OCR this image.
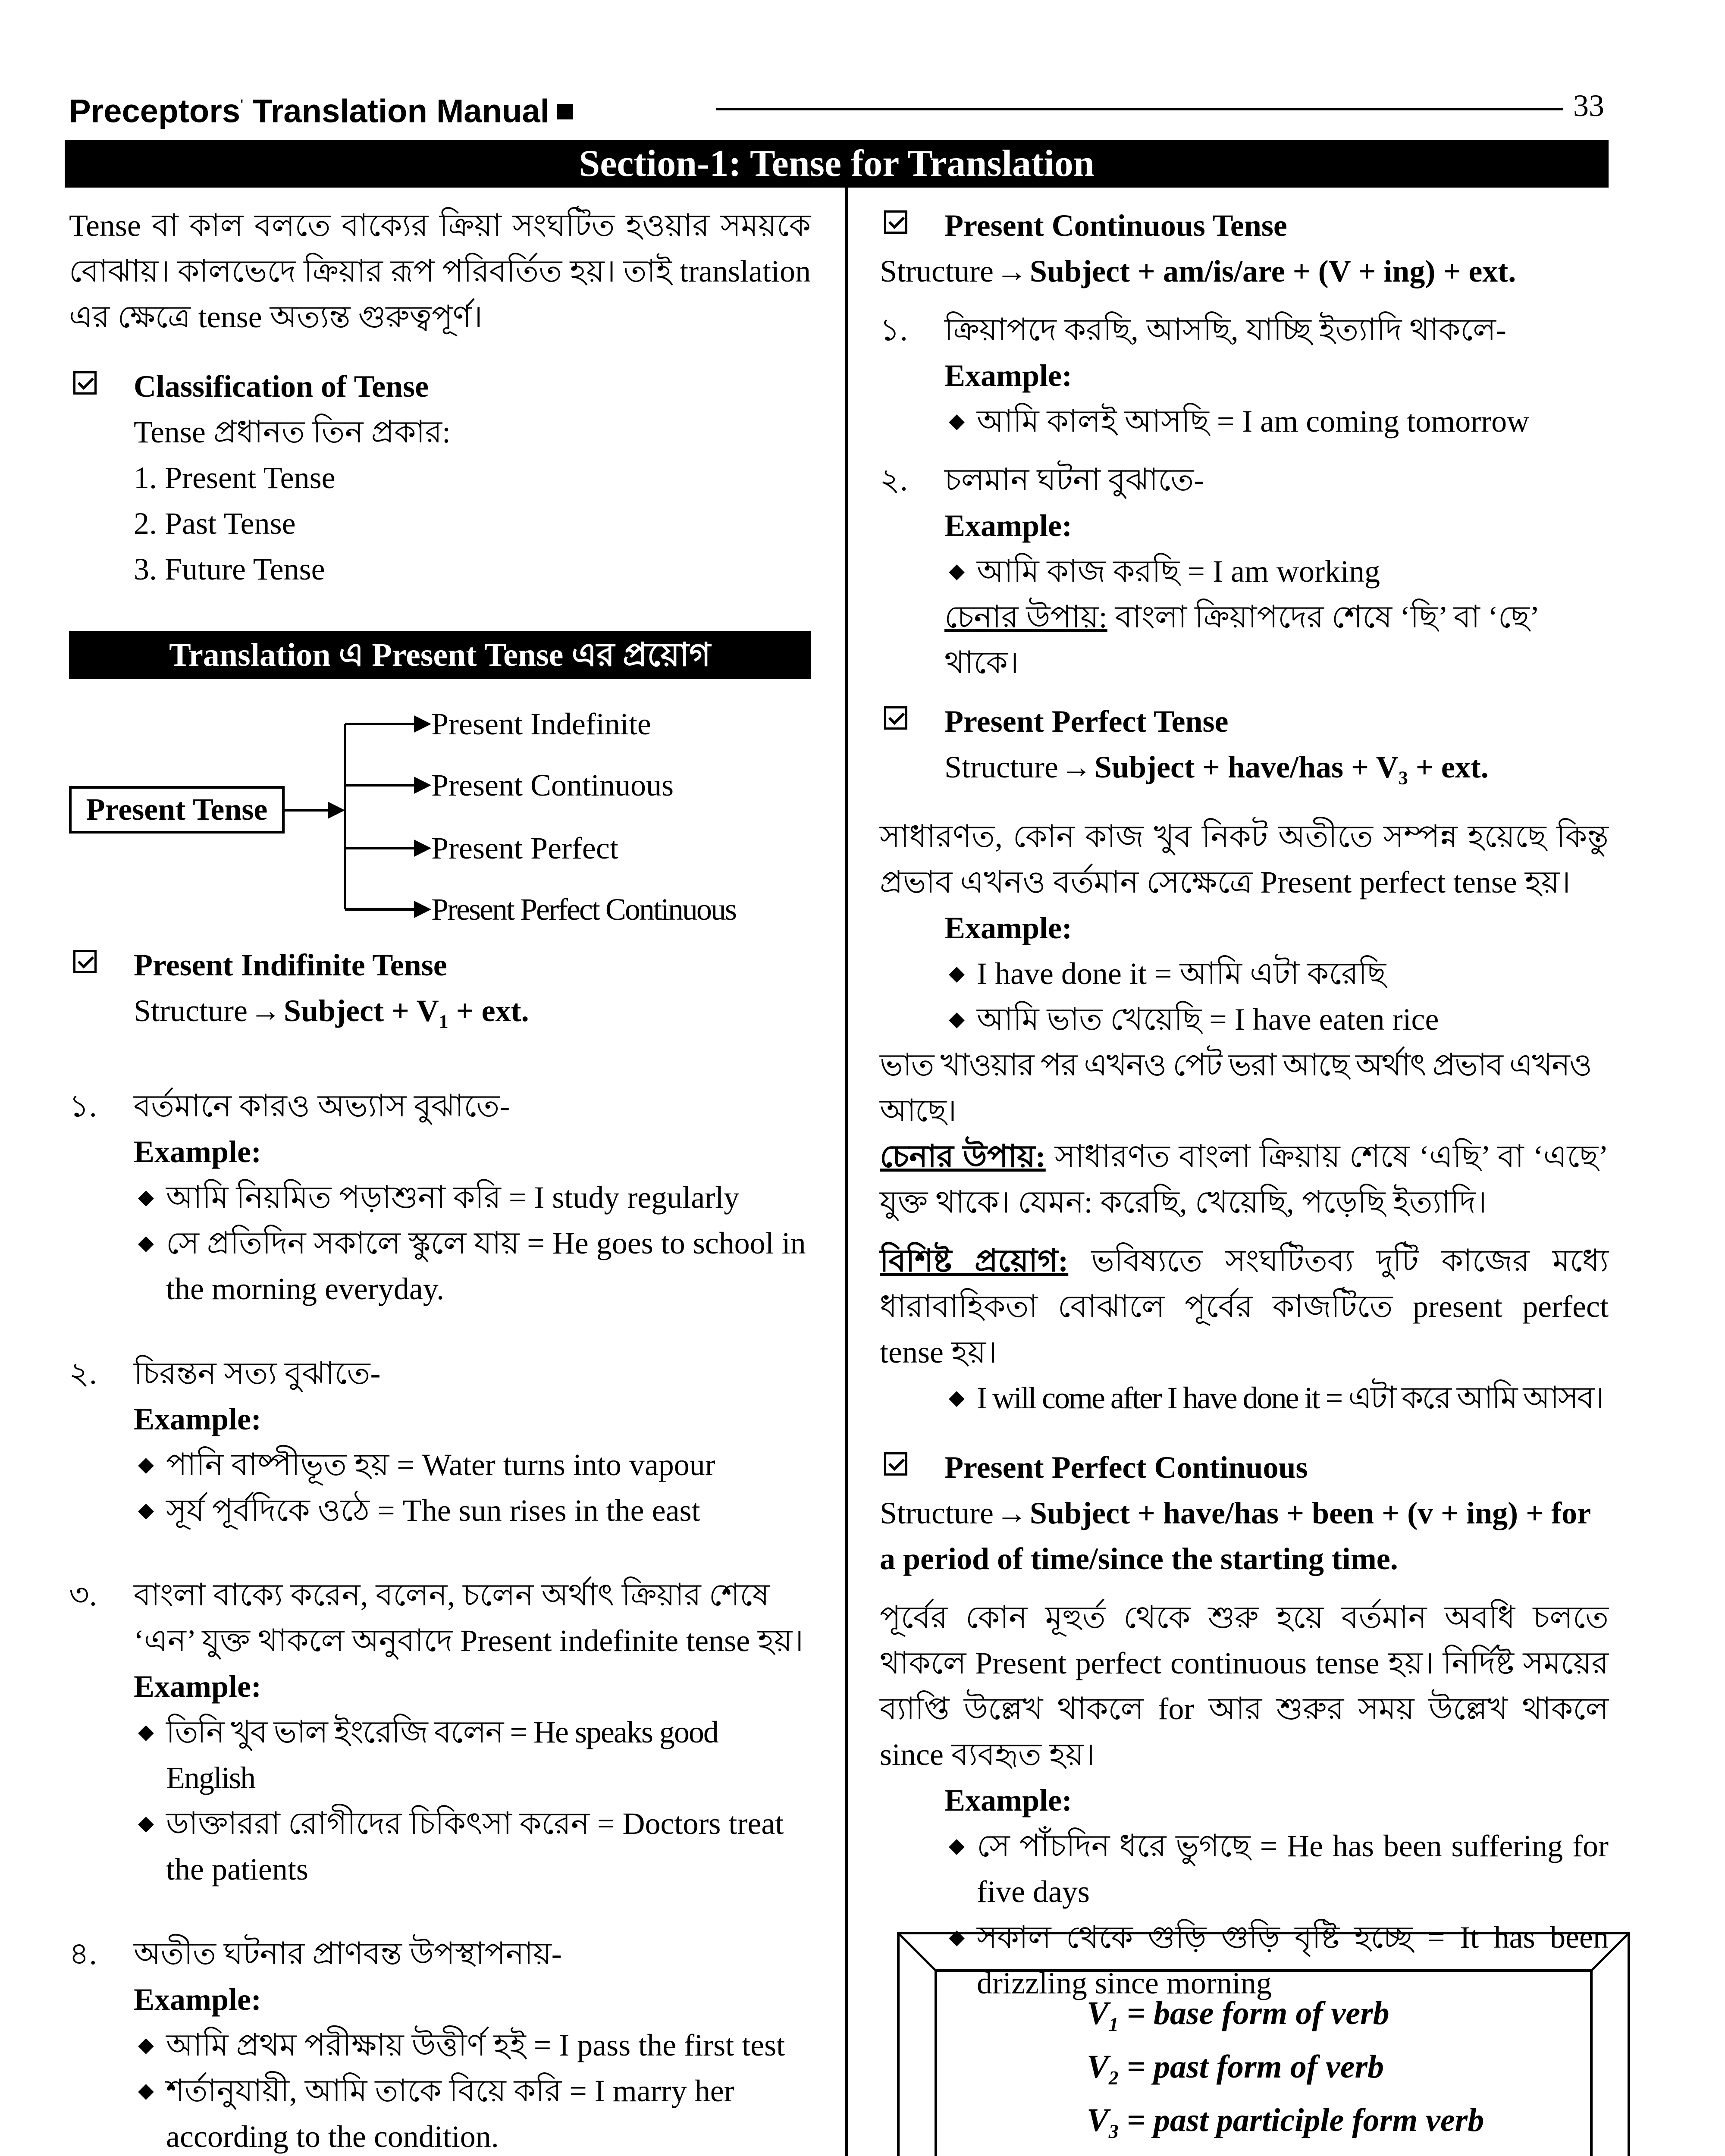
Preceptors' Translation Manual	33
Section-1: Tense for Translation

Tense বা কাল বলতে বাক্যের ক্রিয়া সংঘটিত হওয়ার সময়কে বোঝায়। কালভেদে ক্রিয়ার রূপ পরিবর্তিত হয়। তাই translation এর ক্ষেত্রে tense অত্যন্ত গুরুত্বপূর্ণ।

Classification of Tense

Tense প্রধানত তিন প্রকার:

1. Present Tense

2. Past Tense

3. Future Tense

Translation এ Present Tense এর প্রয়োগ
Present Tense
Present Indefinite
Present Continuous
Present Perfect
Present Perfect Continuous
Present Indifinite Tense

Structure→Subject + $V_1$ + ext.

১. বর্তমানে কারও অভ্যাস বুঝাতে-

Example:

◆ আমি নিয়মিত পড়াশুনা করি = I study regularly

◆ সে প্রতিদিন সকালে স্কুলে যায় = He goes to school in the morning everyday.

২. চিরন্তন সত্য বুঝাতে-

Example:

◆ পানি বাষ্পীভূত হয় = Water turns into vapour

◆ সূর্য পূর্বদিকে ওঠে = The sun rises in the east

৩. বাংলা বাক্যে করেন, বলেন, চলেন অর্থাৎ ক্রিয়ার শেষে ‘এন’ যুক্ত থাকলে অনুবাদে Present indefinite tense হয়।

Example:

◆ তিনি খুব ভাল ইংরেজি বলেন = He speaks good English

◆ ডাক্তাররা রোগীদের চিকিৎসা করেন = Doctors treat the patients

৪. অতীত ঘটনার প্রাণবন্ত উপস্থাপনায়-

Example:

◆ আমি প্রথম পরীক্ষায় উত্তীর্ণ হই = I pass the first test

◆ শর্তানুযায়ী, আমি তাকে বিয়ে করি = I marry her according to the condition.

Present Continuous Tense

Structure→Subject + am/is/are + (V + ing) + ext.

১. ক্রিয়াপদে করছি, আসছি, যাচ্ছি ইত্যাদি থাকলে-

Example:

◆ আমি কালই আসছি = I am coming tomorrow

২. চলমান ঘটনা বুঝাতে-

Example:

◆ আমি কাজ করছি = I am working

চেনার উপায়: বাংলা ক্রিয়াপদের শেষে ‘ছি’ বা ‘ছে’ থাকে।

Present Perfect Tense

Structure→Subject + have/has + $V_3$ + ext.

সাধারণত, কোন কাজ খুব নিকট অতীতে সম্পন্ন হয়েছে কিন্তু প্রভাব এখনও বর্তমান সেক্ষেত্রে Present perfect tense হয়।

Example:

◆ I have done it = আমি এটা করেছি

◆ আমি ভাত খেয়েছি = I have eaten rice

ভাত খাওয়ার পর এখনও পেট ভরা আছে অর্থাৎ প্রভাব এখনও আছে।

চেনার উপায়: সাধারণত বাংলা ক্রিয়ায় শেষে ‘এছি’ বা ‘এছে’ যুক্ত থাকে। যেমন: করেছি, খেয়েছি, পড়েছি ইত্যাদি।

বিশিষ্ট প্রয়োগ: ভবিষ্যতে সংঘটিতব্য দুটি কাজের মধ্যে ধারাবাহিকতা বোঝালে পূর্বের কাজটিতে present perfect tense হয়।

◆ I will come after I have done it = এটা করে আমি আসব।

Present Perfect Continuous

Structure→Subject + have/has + been + (v + ing) + for a period of time/since the starting time.

পূর্বের কোন মূহুর্ত থেকে শুরু হয়ে বর্তমান অবধি চলতে থাকলে Present perfect continuous tense হয়। নির্দিষ্ট সময়ের ব্যাপ্তি উল্লেখ থাকলে for আর শুরুর সময় উল্লেখ থাকলে since ব্যবহৃত হয়।

Example:

◆ সে পাঁচদিন ধরে ভুগছে = He has been suffering for five days

◆ সকাল থেকে গুড়ি গুড়ি বৃষ্টি হচ্ছে = It has been drizzling since morning

$V_1$ = base form of verb
$V_2$ = past form of verb
$V_3$ = past participle form verb
